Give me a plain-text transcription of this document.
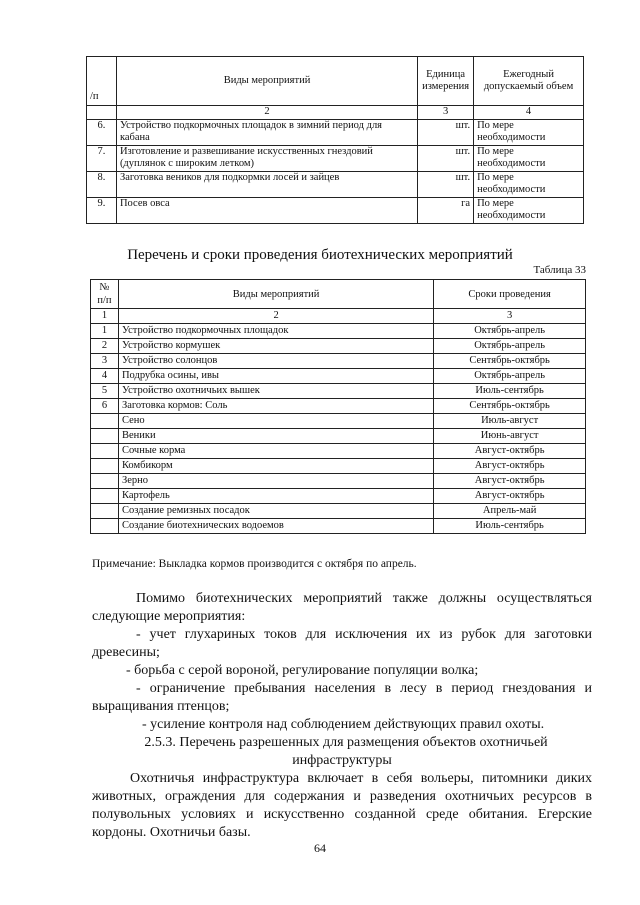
/п	Виды мероприятий	Единица измерения	Ежегодный допускаемый объем
	2	3	4
6.	Устройство подкормочных площадок в зимний период для кабана	шт.	По мере необходимости
7.	Изготовление и развешивание искусственных гнездовий (дуплянок с широким летком)	шт.	По мере необходимости
8.	Заготовка веников для подкормки лосей и зайцев	шт.	По мере необходимости
9.	Посев овса	га	По мере необходимости
Перечень и сроки проведения биотехнических мероприятий
Таблица 33
№ п/п	Виды мероприятий	Сроки проведения
1	2	3
1	Устройство подкормочных площадок	Октябрь-апрель
2	Устройство кормушек	Октябрь-апрель
3	Устройство солонцов	Сентябрь-октябрь
4	Подрубка осины, ивы	Октябрь-апрель
5	Устройство охотничьих вышек	Июль-сентябрь
6	Заготовка кормов: Соль	Сентябрь-октябрь
	Сено	Июль-август
	Веники	Июнь-август
	Сочные корма	Август-октябрь
	Комбикорм	Август-октябрь
	Зерно	Август-октябрь
	Картофель	Август-октябрь
	Создание ремизных посадок	Апрель-май
	Создание биотехнических водоемов	Июль-сентябрь
Примечание: Выкладка кормов производится с октября по апрель.
Помимо биотехнических мероприятий также должны осуществляться
следующие мероприятия:
- учет глухариных токов для исключения их из рубок для заготовки
древесины;
- борьба с серой вороной, регулирование популяции волка;
- ограничение пребывания населения в лесу в период гнездования и
выращивания птенцов;
- усиление контроля над соблюдением действующих правил охоты.
2.5.3. Перечень разрешенных для размещения объектов охотничьей
инфраструктуры
Охотничья инфраструктура включает в себя вольеры, питомники диких
животных, ограждения для содержания и разведения охотничьих ресурсов в
полувольных условиях и искусственно созданной среде обитания. Егерские
кордоны. Охотничьи базы.
64
